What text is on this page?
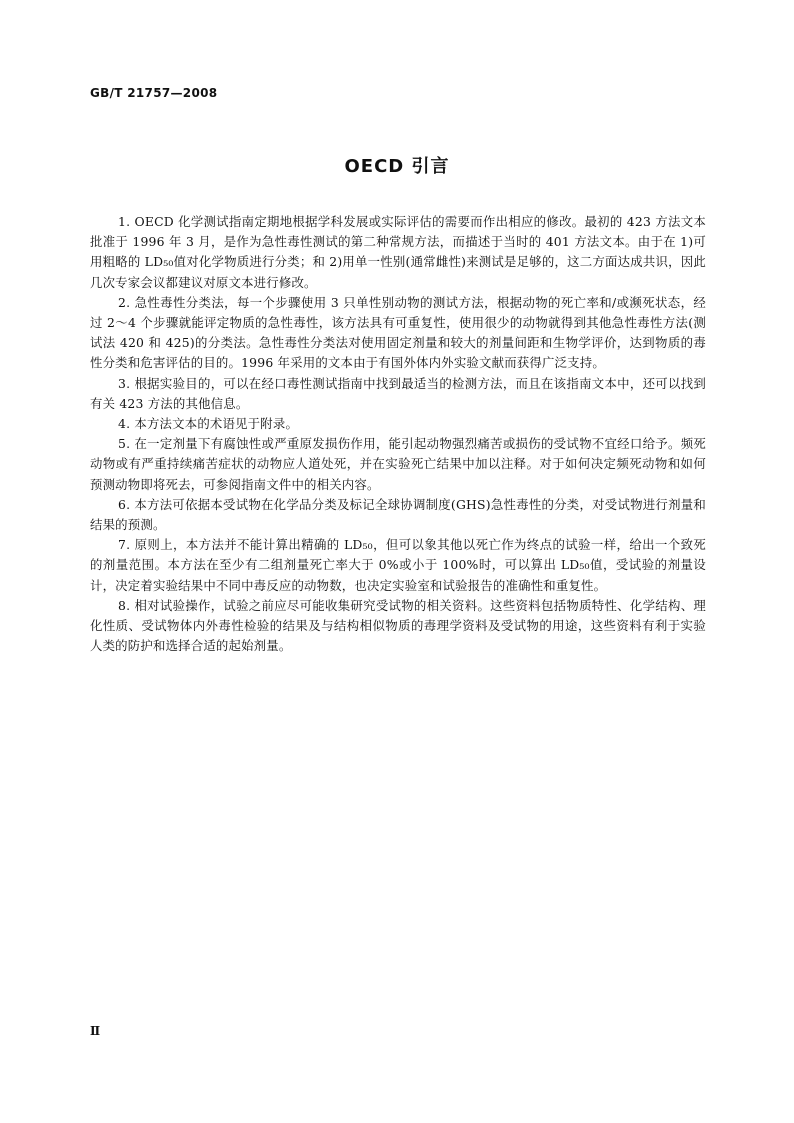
GB/T 21757—2008
OECD 引言

1. OECD 化学测试指南定期地根据学科发展或实际评估的需要而作出相应的修改。最初的 423 方法文本批准于 1996 年 3 月，是作为急性毒性测试的第二种常规方法，而描述于当时的 401 方法文本。由于在 1)可用粗略的 LD₅₀值对化学物质进行分类；和 2)用单一性别(通常雌性)来测试是足够的，这二方面达成共识，因此几次专家会议都建议对原文本进行修改。

2. 急性毒性分类法，每一个步骤使用 3 只单性别动物的测试方法，根据动物的死亡率和/或濒死状态，经过 2～4 个步骤就能评定物质的急性毒性，该方法具有可重复性，使用很少的动物就得到其他急性毒性方法(测试法 420 和 425)的分类法。急性毒性分类法对使用固定剂量和较大的剂量间距和生物学评价，达到物质的毒性分类和危害评估的目的。1996 年采用的文本由于有国外体内外实验文献而获得广泛支持。

3. 根据实验目的，可以在经口毒性测试指南中找到最适当的检测方法，而且在该指南文本中，还可以找到有关 423 方法的其他信息。

4. 本方法文本的术语见于附录。

5. 在一定剂量下有腐蚀性或严重原发损伤作用，能引起动物强烈痛苦或损伤的受试物不宜经口给予。频死动物或有严重持续痛苦症状的动物应人道处死，并在实验死亡结果中加以注释。对于如何决定频死动物和如何预测动物即将死去，可参阅指南文件中的相关内容。

6. 本方法可依据本受试物在化学品分类及标记全球协调制度(GHS)急性毒性的分类，对受试物进行剂量和结果的预测。

7. 原则上，本方法并不能计算出精确的 LD₅₀，但可以象其他以死亡作为终点的试验一样，给出一个致死的剂量范围。本方法在至少有二组剂量死亡率大于 0%或小于 100%时，可以算出 LD₅₀值，受试验的剂量设计，决定着实验结果中不同中毒反应的动物数，也决定实验室和试验报告的准确性和重复性。

8. 相对试验操作，试验之前应尽可能收集研究受试物的相关资料。这些资料包括物质特性、化学结构、理化性质、受试物体内外毒性检验的结果及与结构相似物质的毒理学资料及受试物的用途，这些资料有利于实验人类的防护和选择合适的起始剂量。

Ⅱ
